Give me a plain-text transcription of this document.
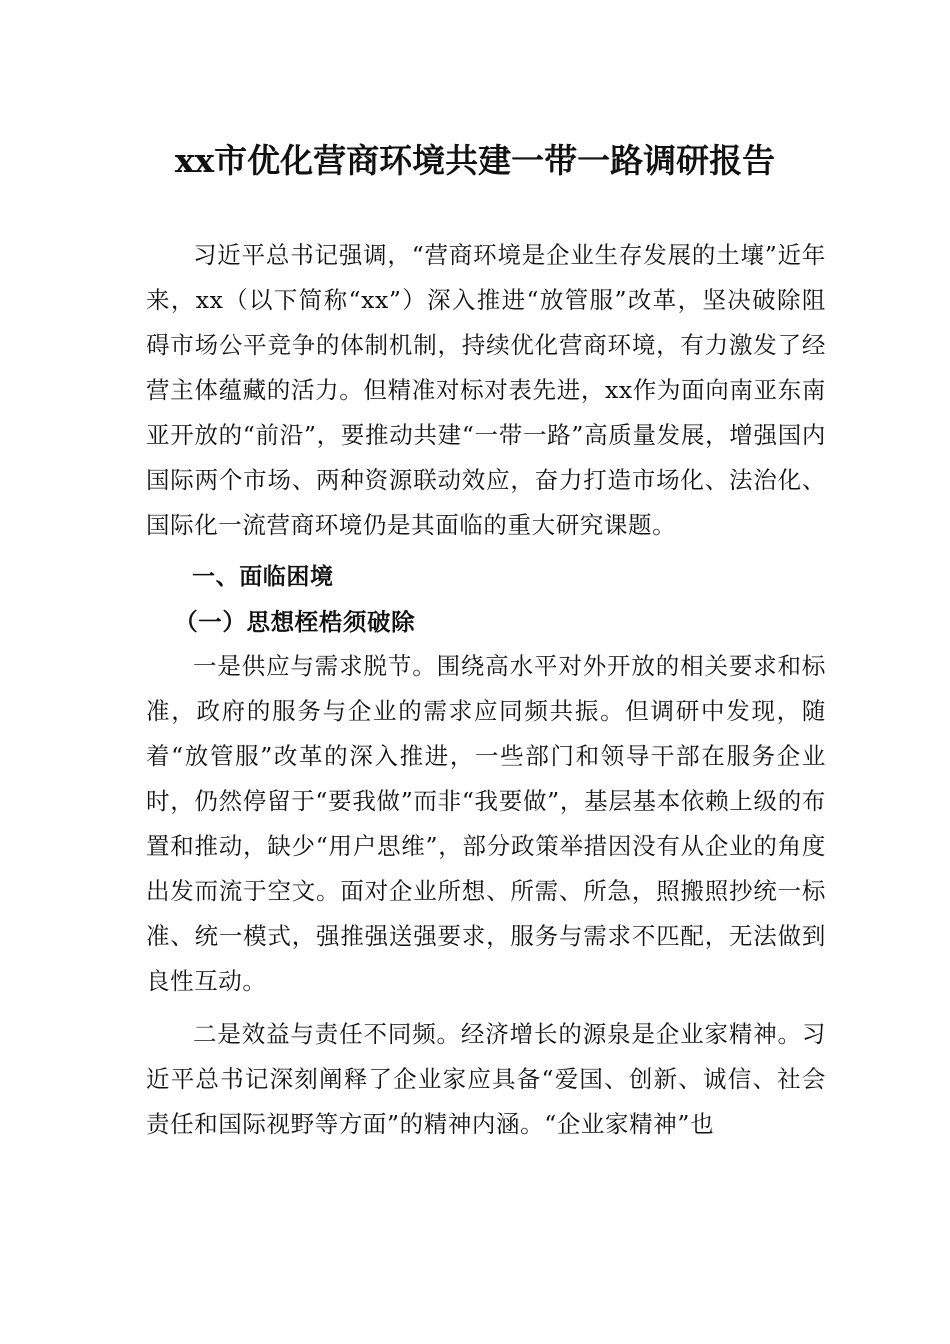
xx市优化营商环境共建一带一路调研报告

习近平总书记强调，“营商环境是企业生存发展的土壤”近年来，xx（以下简称“xx”）深入推进“放管服”改革，坚决破除阻碍市场公平竞争的体制机制，持续优化营商环境，有力激发了经营主体蕴藏的活力。但精准对标对表先进，xx作为面向南亚东南亚开放的“前沿”，要推动共建“一带一路”高质量发展，增强国内国际两个市场、两种资源联动效应，奋力打造市场化、法治化、国际化一流营商环境仍是其面临的重大研究课题。

一、面临困境
（一）思想桎梏须破除

一是供应与需求脱节。围绕高水平对外开放的相关要求和标准，政府的服务与企业的需求应同频共振。但调研中发现，随着“放管服”改革的深入推进，一些部门和领导干部在服务企业时，仍然停留于“要我做”而非“我要做”，基层基本依赖上级的布置和推动，缺少“用户思维”，部分政策举措因没有从企业的角度出发而流于空文。面对企业所想、所需、所急，照搬照抄统一标准、统一模式，强推强送强要求，服务与需求不匹配，无法做到良性互动。

二是效益与责任不同频。经济增长的源泉是企业家精神。习近平总书记深刻阐释了企业家应具备“爱国、创新、诚信、社会责任和国际视野等方面”的精神内涵。“企业家精神”也
